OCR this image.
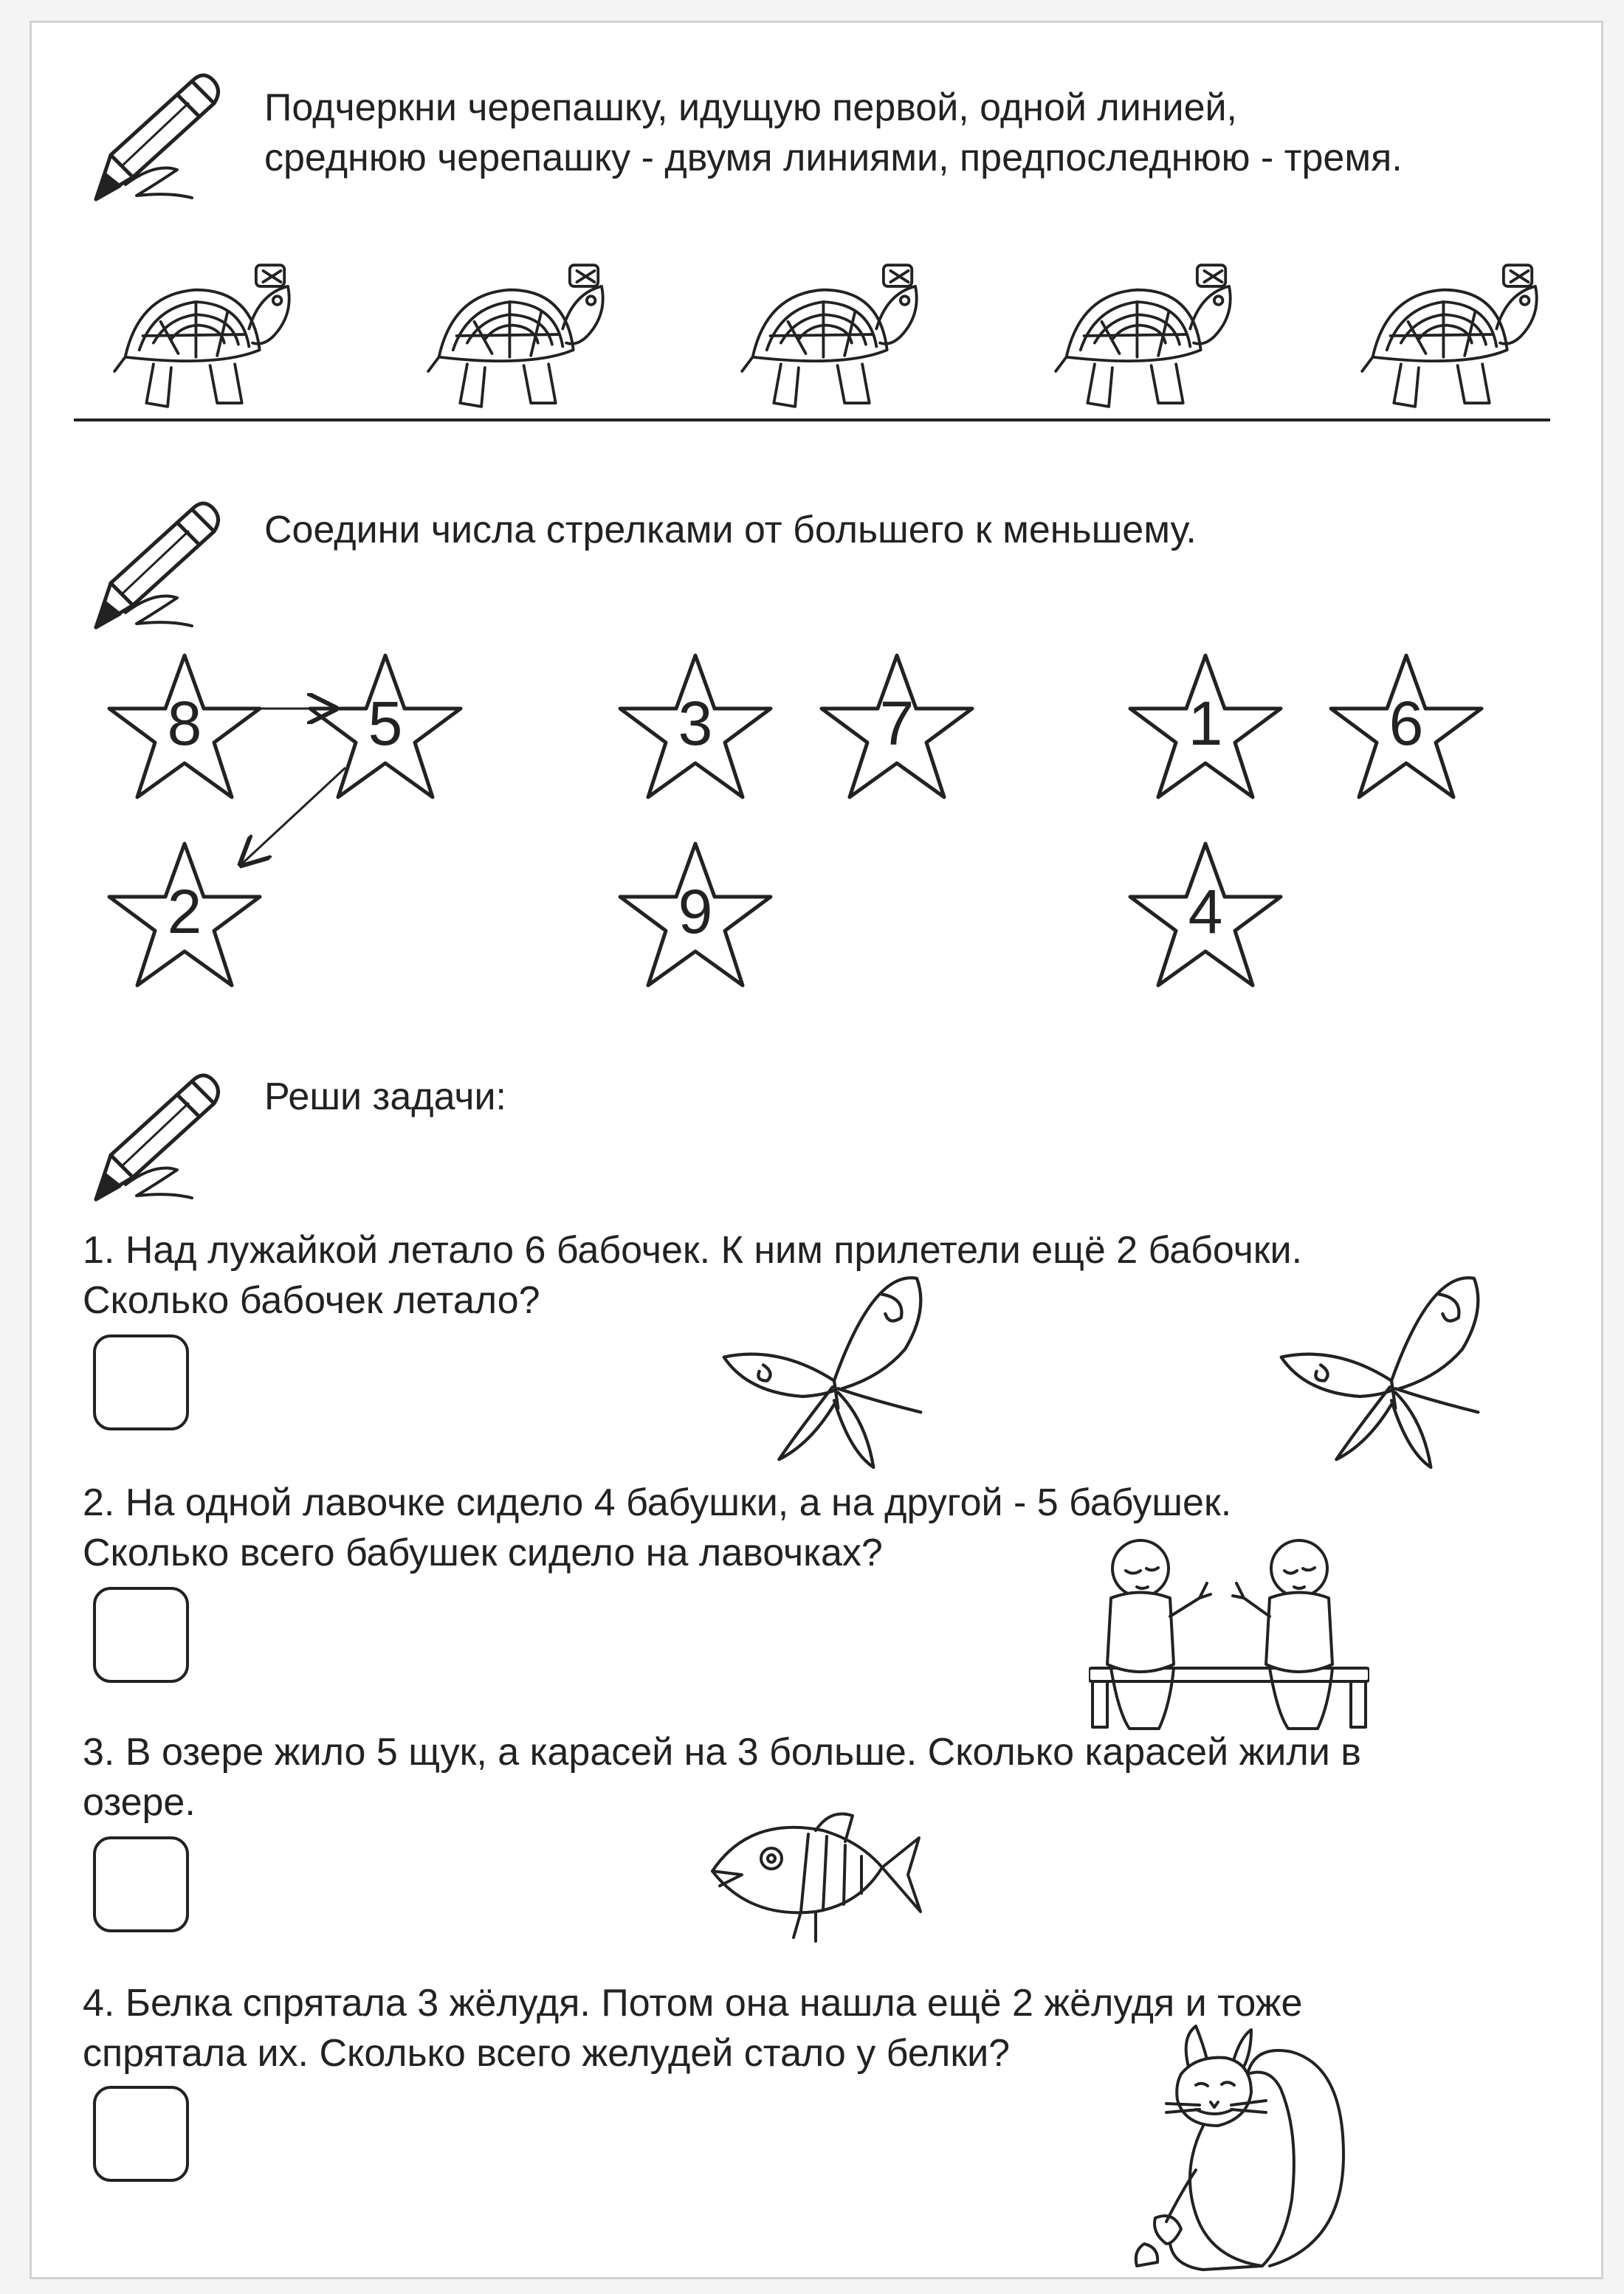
Подчеркни черепашку, идущую первой, одной линией,
среднюю черепашку - двумя линиями, предпоследнюю - тремя.
Соедини числа стрелками от большего к меньшему.
8	5
2
3	7
9
1	6
4
Реши задачи:
1. Над лужайкой летало 6 бабочек. К ним прилетели ещё 2 бабочки.
Сколько бабочек летало?
2. На одной лавочке сидело 4 бабушки, а на другой - 5 бабушек.
Сколько всего бабушек сидело на лавочках?
3. В озере жило 5 щук, а карасей на 3 больше. Сколько карасей жили в
озере.
4. Белка спрятала 3 жёлудя. Потом она нашла ещё 2 жёлудя и тоже
спрятала их. Сколько всего желудей стало у белки?
